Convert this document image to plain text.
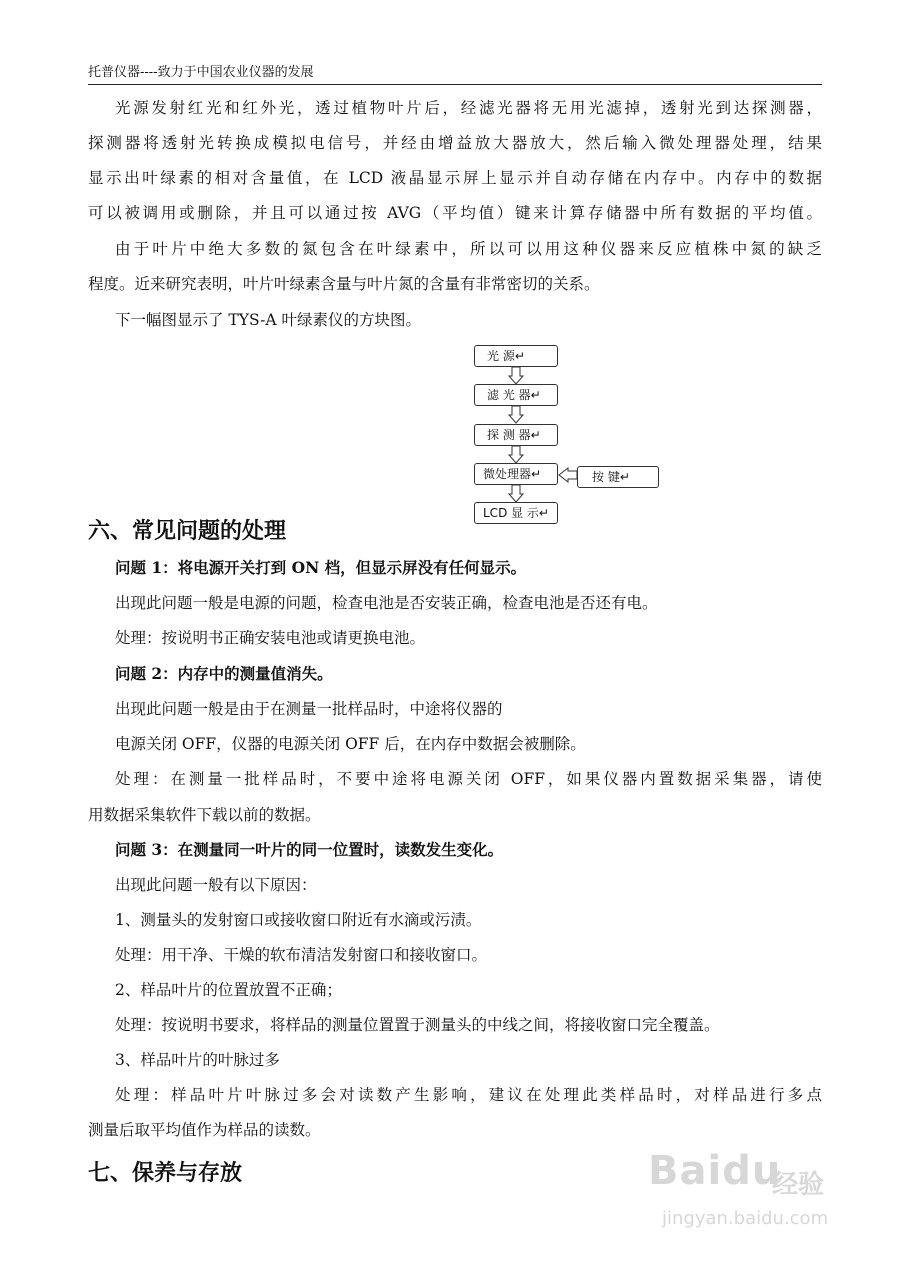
托普仪器----致力于中国农业仪器的发展
光源发射红光和红外光，透过植物叶片后，经滤光器将无用光滤掉，透射光到达探测器，
探测器将透射光转换成模拟电信号，并经由增益放大器放大，然后输入微处理器处理，结果
显示出叶绿素的相对含量值，在 LCD 液晶显示屏上显示并自动存储在内存中。内存中的数据
可以被调用或删除，并且可以通过按 AVG（平均值）键来计算存储器中所有数据的平均值。
由于叶片中绝大多数的氮包含在叶绿素中，所以可以用这种仪器来反应植株中氮的缺乏
程度。近来研究表明，叶片叶绿素含量与叶片氮的含量有非常密切的关系。
下一幅图显示了 TYS-A 叶绿素仪的方块图。
光 源↵
滤 光 器↵
探 测 器↵
微处理器↵	按 键↵
LCD 显 示↵
六、常见问题的处理
问题 1：将电源开关打到 ON 档，但显示屏没有任何显示。
出现此问题一般是电源的问题，检查电池是否安装正确，检查电池是否还有电。
处理：按说明书正确安装电池或请更换电池。
问题 2：内存中的测量值消失。
出现此问题一般是由于在测量一批样品时，中途将仪器的
电源关闭 OFF，仪器的电源关闭 OFF 后，在内存中数据会被删除。
处理：在测量一批样品时，不要中途将电源关闭 OFF，如果仪器内置数据采集器，请使
用数据采集软件下载以前的数据。
问题 3：在测量同一叶片的同一位置时，读数发生变化。
出现此问题一般有以下原因：
1、测量头的发射窗口或接收窗口附近有水滴或污渍。
处理：用干净、干燥的软布清洁发射窗口和接收窗口。
2、样品叶片的位置放置不正确；
处理：按说明书要求，将样品的测量位置置于测量头的中线之间，将接收窗口完全覆盖。
3、样品叶片的叶脉过多
处理：样品叶片叶脉过多会对读数产生影响，建议在处理此类样品时，对样品进行多点
测量后取平均值作为样品的读数。
七、保养与存放	Baidu
经验
jingyan.baidu.com
